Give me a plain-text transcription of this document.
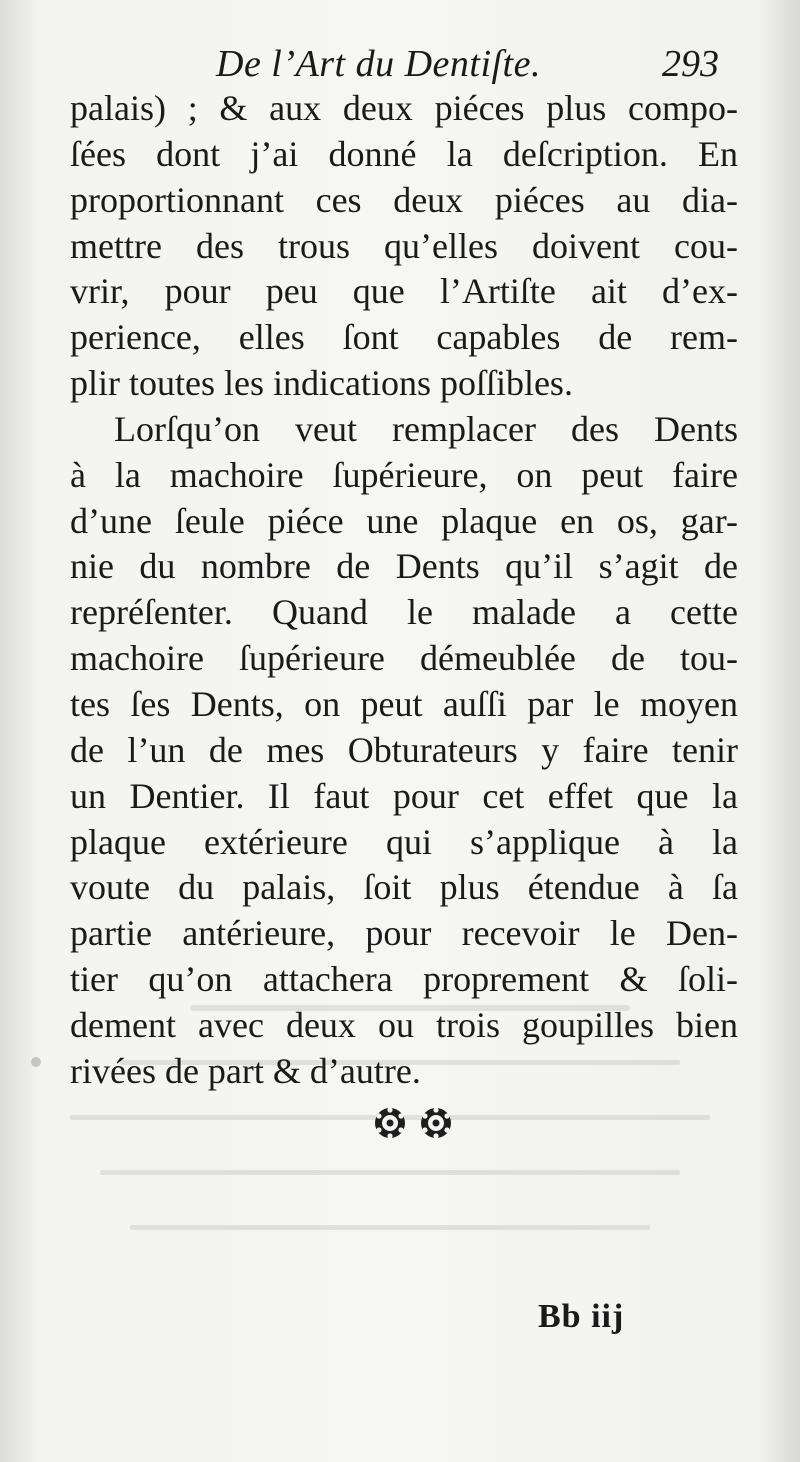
De l’Art du Dentiſte.	293
palais) ; & aux deux piéces plus compo-
ſées dont j’ai donné la deſcription. En
proportionnant ces deux piéces au dia-
mettre des trous qu’elles doivent cou-
vrir, pour peu que l’Artiſte ait d’ex-
perience, elles ſont capables de rem-
plir toutes les indications poſſibles.
Lorſqu’on veut remplacer des Dents
à la machoire ſupérieure, on peut faire
d’une ſeule piéce une plaque en os, gar-
nie du nombre de Dents qu’il s’agit de
repréſenter. Quand le malade a cette
machoire ſupérieure démeublée de tou-
tes ſes Dents, on peut auſſi par le moyen
de l’un de mes Obturateurs y faire tenir
un Dentier. Il faut pour cet effet que la
plaque extérieure qui s’applique à la
voute du palais, ſoit plus étendue à ſa
partie antérieure, pour recevoir le Den-
tier qu’on attachera proprement & ſoli-
dement avec deux ou trois goupilles bien
rivées de part & d’autre.
Bb iij
